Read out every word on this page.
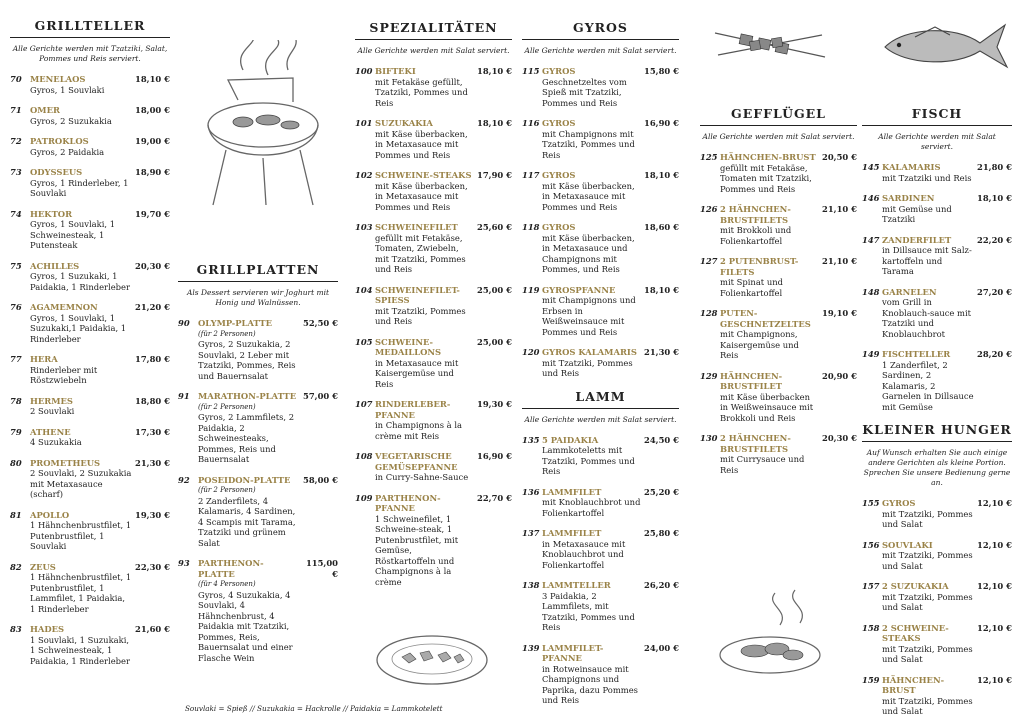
GRILLTELLER
Alle Gerichte werden mit Tzatziki, Salat, Pommes und Reis serviert.
70 MENELAOS
Gyros, 1 Souvlaki
18,10 €
71 OMER
Gyros, 2 Suzukakia
18,00 €
72 PATROKLOS
Gyros, 2 Paidakia
19,00 €
73 ODYSSEUS
Gyros, 1 Rinderleber, 1 Souvlaki
18,90 €
74 HEKTOR
Gyros, 1 Souvlaki, 1 Schweinesteak, 1 Putensteak
19,70 €
75 ACHILLES
Gyros, 1 Suzukaki, 1 Paidakia, 1 Rinderleber
20,30 €
76 AGAMEMNON
Gyros, 1 Souvlaki, 1 Suzukaki,1 Paidakia, 1 Rinderleber
21,20 €
77 HERA
Rinderleber mit Röstzwiebeln
17,80 €
78 HERMES
2 Souvlaki
18,80 €
79 ATHENE
4 Suzukakia
17,30 €
80 PROMETHEUS
2 Souvlaki, 2 Suzukakia mit Metaxasauce (scharf)
21,30 €
81 APOLLO
1 Hähnchenbrustfilet, 1 Putenbrustfilet, 1 Souvlaki
19,30 €
82 ZEUS
1 Hähnchenbrustfilet, 1 Putenbrustfilet, 1 Lammfilet, 1 Paidakia, 1 Rinderleber
22,30 €
83 HADES
1 Souvlaki, 1 Suzukaki, 1 Schweinesteak, 1 Paidakia, 1 Rinderleber
21,60 €
GRILLPLATTEN
Als Dessert servieren wir Joghurt mit Honig und Walnüssen.
90 OLYMP-PLATTE
(für 2 Personen)
Gyros, 2 Suzukakia, 2 Souvlaki, 2 Leber mit Tzatziki, Pommes, Reis und Bauernsalat
52,50 €
91 MARATHON-PLATTE
(für 2 Personen)
Gyros, 2 Lammfilets, 2 Paidakia, 2 Schweinesteaks, Pommes, Reis und Bauernsalat
57,00 €
92 POSEIDON-PLATTE
(für 2 Personen)
2 Zanderfilets, 4 Kalamaris, 4 Sardinen, 4 Scampis mit Tarama, Tzatziki und grünem Salat
58,00 €
93 PARTHENON-PLATTE
(für 4 Personen)
Gyros, 4 Suzukakia, 4 Souvlaki, 4 Hähnchenbrust, 4 Paidakia mit Tzatziki, Pommes, Reis, Bauernsalat und einer Flasche Wein
115,00 €
Souvlaki = Spieß // Suzukakia = Hackrolle // Paidakia = Lammkotelett
SPEZIALITÄTEN
Alle Gerichte werden mit Salat serviert.
100 BIFTEKI
mit Fetakäse gefüllt, Tzatziki, Pommes und Reis
18,10 €
101 SUZUKAKIA
mit Käse überbacken, in Metaxasauce mit Pommes und Reis
18,10 €
102 SCHWEINE-STEAKS
mit Käse überbacken, in Metaxasauce mit Pommes und Reis
17,90 €
103 SCHWEINEFILET
gefüllt mit Fetakäse, Tomaten, Zwiebeln, mit Tzatziki, Pommes und Reis
25,60 €
104 SCHWEINEFILET-SPIESS
mit Tzatziki, Pommes und Reis
25,00 €
105 SCHWEINE-MEDAILLONS
in Metaxasauce mit Kaisergemüse und Reis
25,00 €
107 RINDERLEBER-PFANNE
in Champignons à la crème mit Reis
19,30 €
108 VEGETARISCHE GEMÜSEPFANNE
in Curry-Sahne-Sauce
16,90 €
109 PARTHENON-PFANNE
1 Schweinefilet, 1 Schweine-steak, 1 Putenbrustfilet, mit Gemüse, Röstkartoffeln und Champignons à la crème
22,70 €
GYROS
Alle Gerichte werden mit Salat serviert.
115 GYROS
Geschnetzeltes vom Spieß mit Tzatziki, Pommes und Reis
15,80 €
116 GYROS
mit Champignons mit Tzatziki, Pommes und Reis
16,90 €
117 GYROS
mit Käse überbacken, in Metaxasauce mit Pommes und Reis
18,10 €
118 GYROS
mit Käse überbacken, in Metaxasauce und Champignons mit Pommes, und Reis
18,60 €
119 GYROSPFANNE
mit Champignons und Erbsen in Weißweinsauce mit Pommes und Reis
18,10 €
120 GYROS KALAMARIS
mit Tzatziki, Pommes und Reis
21,30 €
LAMM
Alle Gerichte werden mit Salat serviert.
135 5 PAIDAKIA
Lammkoteletts mit Tzatziki, Pommes und Reis
24,50 €
136 LAMMFILET
mit Knoblauchbrot und Folienkartoffel
25,20 €
137 LAMMFILET
in Metaxasauce mit Knoblauchbrot und Folienkartoffel
25,80 €
138 LAMMTELLER
3 Paidakia, 2 Lammfilets, mit Tzatziki, Pommes und Reis
26,20 €
139 LAMMFILET-PFANNE
in Rotweinsauce mit Champignons und Paprika, dazu Pommes und Reis
24,00 €
GEFFLÜGEL
Alle Gerichte werden mit Salat serviert.
125 HÄHNCHEN-BRUST
gefüllt mit Fetakäse, Tomaten mit Tzatziki, Pommes und Reis
20,50 €
126 2 HÄHNCHEN-BRUSTFILETS
mit Brokkoli und Folienkartoffel
21,10 €
127 2 PUTENBRUST-FILETS
mit Spinat und Folienkartoffel
21,10 €
128 PUTEN-GESCHNETZELTES
mit Champignons, Kaisergemüse und Reis
19,10 €
129 HÄHNCHEN-BRUSTFILET
mit Käse überbacken in Weißweinsauce mit Brokkoli und Reis
20,90 €
130 2 HÄHNCHEN-BRUSTFILETS
mit Currysauce und Reis
20,30 €
FISCH
Alle Gerichte werden mit Salat serviert.
145 KALAMARIS
mit Tzatziki und Reis
21,80 €
146 SARDINEN
mit Gemüse und Tzatziki
18,10 €
147 ZANDERFILET
in Dillsauce mit Salz-kartoffeln und Tarama
22,20 €
148 GARNELEN
vom Grill in Knoblauch-sauce mit Tzatziki und Knoblauchbrot
27,20 €
149 FISCHTELLER
1 Zanderfilet, 2 Sardinen, 2 Kalamaris, 2 Garnelen in Dillsauce mit Gemüse
28,20 €
KLEINER HUNGER
Auf Wunsch erhalten Sie auch einige andere Gerichten als kleine Portion. Sprechen Sie unsere Bedienung gerne an.
155 GYROS
mit Tzatziki, Pommes und Salat
12,10 €
156 SOUVLAKI
mit Tzatziki, Pommes und Salat
12,10 €
157 2 SUZUKAKIA
mit Tzatziki, Pommes und Salat
12,10 €
158 2 SCHWEINE-STEAKS
mit Tzatziki, Pommes und Salat
12,10 €
159 HÄHNCHEN-BRUST
mit Tzatziki, Pommes und Salat
12,10 €
